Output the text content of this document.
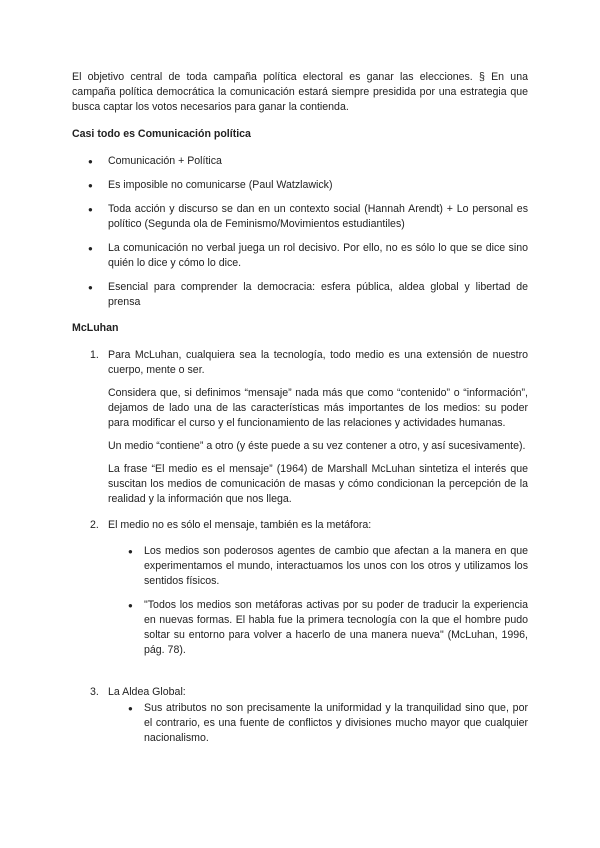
El objetivo central de toda campaña política electoral es ganar las elecciones. § En una campaña política democrática la comunicación estará siempre presidida por una estrategia que busca captar los votos necesarios para ganar la contienda.

Casi todo es Comunicación política
● Comunicación + Política
● Es imposible no comunicarse (Paul Watzlawick)
● Toda acción y discurso se dan en un contexto social (Hannah Arendt) + Lo personal es político (Segunda ola de Feminismo/Movimientos estudiantiles)
● La comunicación no verbal juega un rol decisivo. Por ello, no es sólo lo que se dice sino quién lo dice y cómo lo dice.
● Esencial para comprender la democracia: esfera pública, aldea global y libertad de prensa
McLuhan
1. Para McLuhan, cualquiera sea la tecnología, todo medio es una extensión de nuestro cuerpo, mente o ser.

Considera que, si definimos “mensaje” nada más que como “contenido” o “información”, dejamos de lado una de las características más importantes de los medios: su poder para modificar el curso y el funcionamiento de las relaciones y actividades humanas.

Un medio “contiene” a otro (y éste puede a su vez contener a otro, y así sucesivamente).

La frase “El medio es el mensaje” (1964) de Marshall McLuhan sintetiza el interés que suscitan los medios de comunicación de masas y cómo condicionan la percepción de la realidad y la información que nos llega.

2. El medio no es sólo el mensaje, también es la metáfora:

● Los medios son poderosos agentes de cambio que afectan a la manera en que experimentamos el mundo, interactuamos los unos con los otros y utilizamos los sentidos físicos.
● "Todos los medios son metáforas activas por su poder de traducir la experiencia en nuevas formas. El habla fue la primera tecnología con la que el hombre pudo soltar su entorno para volver a hacerlo de una manera nueva" (McLuhan, 1996, pág. 78).
3. La Aldea Global:

● Sus atributos no son precisamente la uniformidad y la tranquilidad sino que, por el contrario, es una fuente de conflictos y divisiones mucho mayor que cualquier nacionalismo.
